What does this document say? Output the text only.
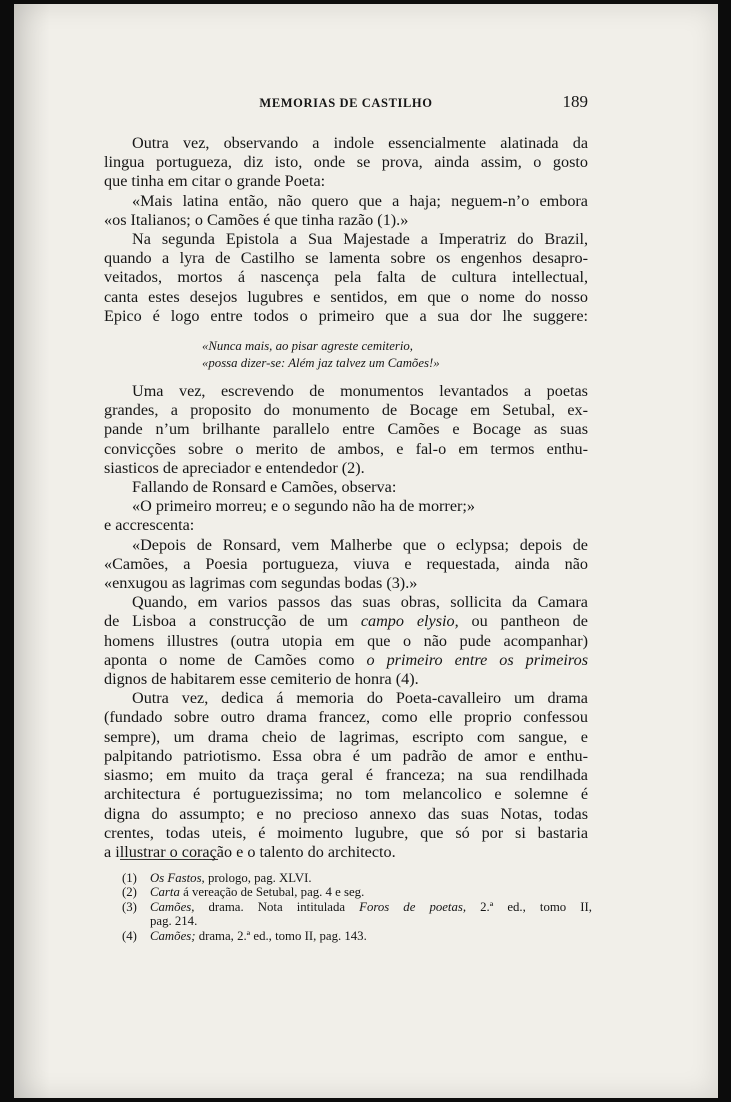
MEMORIAS DE CASTILHO	189
Outra vez, observando a indole essencialmente alatinada da
lingua portugueza, diz isto, onde se prova, ainda assim, o gosto
que tinha em citar o grande Poeta:
«Mais latina então, não quero que a haja; neguem-n’o embora
«os Italianos; o Camões é que tinha razão (1).»
Na segunda Epistola a Sua Majestade a Imperatriz do Brazil,
quando a lyra de Castilho se lamenta sobre os engenhos desapro-
veitados, mortos á nascença pela falta de cultura intellectual,
canta estes desejos lugubres e sentidos, em que o nome do nosso
Epico é logo entre todos o primeiro que a sua dor lhe suggere:
«Nunca mais, ao pisar agreste cemiterio,
«possa dizer-se: Além jaz talvez um Camões!»
Uma vez, escrevendo de monumentos levantados a poetas
grandes, a proposito do monumento de Bocage em Setubal, ex-
pande n’um brilhante parallelo entre Camões e Bocage as suas
convicções sobre o merito de ambos, e fal-o em termos enthu-
siasticos de apreciador e entendedor (2).
Fallando de Ronsard e Camões, observa:
«O primeiro morreu; e o segundo não ha de morrer;»
e accrescenta:
«Depois de Ronsard, vem Malherbe que o eclypsa; depois de
«Camões, a Poesia portugueza, viuva e requestada, ainda não
«enxugou as lagrimas com segundas bodas (3).»
Quando, em varios passos das suas obras, sollicita da Camara
de Lisboa a construcção de um campo elysio, ou pantheon de
homens illustres (outra utopia em que o não pude acompanhar)
aponta o nome de Camões como o primeiro entre os primeiros
dignos de habitarem esse cemiterio de honra (4).
Outra vez, dedica á memoria do Poeta-cavalleiro um drama
(fundado sobre outro drama francez, como elle proprio confessou
sempre), um drama cheio de lagrimas, escripto com sangue, e
palpitando patriotismo. Essa obra é um padrão de amor e enthu-
siasmo; em muito da traça geral é franceza; na sua rendilhada
architectura é portuguezissima; no tom melancolico e solemne é
digna do assumpto; e no precioso annexo das suas Notas, todas
crentes, todas uteis, é moimento lugubre, que só por si bastaria
a illustrar o coração e o talento do architecto.
(1) Os Fastos, prologo, pag. XLVI.
(2) Carta á vereação de Setubal, pag. 4 e seg.
(3) Camões, drama. Nota intitulada Foros de poetas, 2.ª ed., tomo II,
pag. 214.
(4) Camões; drama, 2.ª ed., tomo II, pag. 143.
